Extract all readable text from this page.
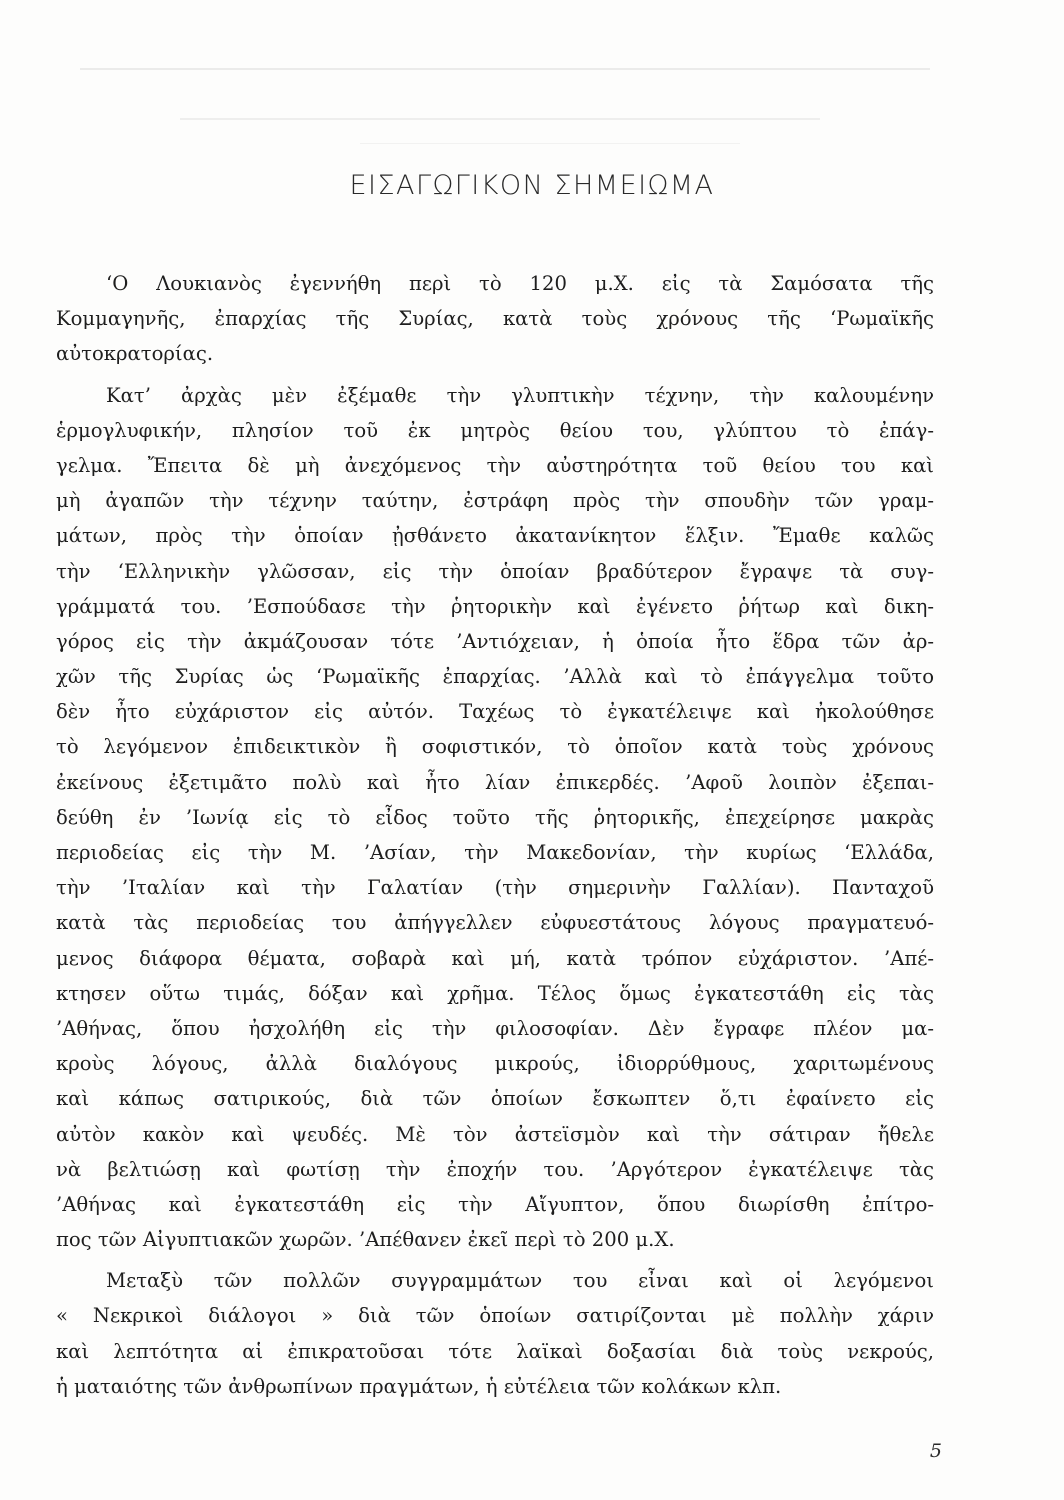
ΕΙΣΑΓΩΓΙΚΟΝ ΣΗΜΕΙΩΜΑ
‘Ο Λουκιανὸς ἐγεννήθη περὶ τὸ 120 μ.Χ. εἰς τὰ Σαμόσατα τῆς
Κομμαγηνῆς, ἐπαρχίας τῆς Συρίας, κατὰ τοὺς χρόνους τῆς ‘Ρωμαϊκῆς
αὐτοκρατορίας.
Κατ’ ἀρχὰς μὲν ἐξέμαθε τὴν γλυπτικὴν τέχνην, τὴν καλουμένην
ἑρμογλυφικήν, πλησίον τοῦ ἐκ μητρὸς θείου του, γλύπτου τὸ ἐπάγ-
γελμα. Ἔπειτα δὲ μὴ ἀνεχόμενος τὴν αὐστηρότητα τοῦ θείου του καὶ
μὴ ἀγαπῶν τὴν τέχνην ταύτην, ἐστράφη πρὸς τὴν σπουδὴν τῶν γραμ-
μάτων, πρὸς τὴν ὁποίαν ᾐσθάνετο ἀκατανίκητον ἕλξιν. Ἔμαθε καλῶς
τὴν ‘Ελληνικὴν γλῶσσαν, εἰς τὴν ὁποίαν βραδύτερον ἔγραψε τὰ συγ-
γράμματά του. ’Εσπούδασε τὴν ῥητορικὴν καὶ ἐγένετο ῥήτωρ καὶ δικη-
γόρος εἰς τὴν ἀκμάζουσαν τότε ’Αντιόχειαν, ἡ ὁποία ἦτο ἕδρα τῶν ἀρ-
χῶν τῆς Συρίας ὡς ‘Ρωμαϊκῆς ἐπαρχίας. ’Αλλὰ καὶ τὸ ἐπάγγελμα τοῦτο
δὲν ἦτο εὐχάριστον εἰς αὐτόν. Ταχέως τὸ ἐγκατέλειψε καὶ ἠκολούθησε
τὸ λεγόμενον ἐπιδεικτικὸν ἢ σοφιστικόν, τὸ ὁποῖον κατὰ τοὺς χρόνους
ἐκείνους ἐξετιμᾶτο πολὺ καὶ ἦτο λίαν ἐπικερδές. ’Αφοῦ λοιπὸν ἐξεπαι-
δεύθη ἐν ’Ιωνίᾳ εἰς τὸ εἶδος τοῦτο τῆς ῥητορικῆς, ἐπεχείρησε μακρὰς
περιοδείας εἰς τὴν Μ. ’Ασίαν, τὴν Μακεδονίαν, τὴν κυρίως ‘Ελλάδα,
τὴν ’Ιταλίαν καὶ τὴν Γαλατίαν (τὴν σημερινὴν Γαλλίαν). Πανταχοῦ
κατὰ τὰς περιοδείας του ἀπήγγελλεν εὐφυεστάτους λόγους πραγματευό-
μενος διάφορα θέματα, σοβαρὰ καὶ μή, κατὰ τρόπον εὐχάριστον. ’Απέ-
κτησεν οὕτω τιμάς, δόξαν καὶ χρῆμα. Τέλος ὅμως ἐγκατεστάθη εἰς τὰς
’Αθήνας, ὅπου ἠσχολήθη εἰς τὴν φιλοσοφίαν. Δὲν ἔγραφε πλέον μα-
κροὺς λόγους, ἀλλὰ διαλόγους μικρούς, ἰδιορρύθμους, χαριτωμένους
καὶ κάπως σατιρικούς, διὰ τῶν ὁποίων ἔσκωπτεν ὅ,τι ἐφαίνετο εἰς
αὐτὸν κακὸν καὶ ψευδές. Μὲ τὸν ἀστεϊσμὸν καὶ τὴν σάτιραν ἤθελε
νὰ βελτιώσῃ καὶ φωτίσῃ τὴν ἐποχήν του. ’Αργότερον ἐγκατέλειψε τὰς
’Αθήνας καὶ ἐγκατεστάθη εἰς τὴν Αἴγυπτον, ὅπου διωρίσθη ἐπίτρο-
πος τῶν Αἰγυπτιακῶν χωρῶν. ’Απέθανεν ἐκεῖ περὶ τὸ 200 μ.Χ.
Μεταξὺ τῶν πολλῶν συγγραμμάτων του εἶναι καὶ οἱ λεγόμενοι
« Νεκρικοὶ διάλογοι » διὰ τῶν ὁποίων σατιρίζονται μὲ πολλὴν χάριν
καὶ λεπτότητα αἱ ἐπικρατοῦσαι τότε λαϊκαὶ δοξασίαι διὰ τοὺς νεκρούς,
ἡ ματαιότης τῶν ἀνθρωπίνων πραγμάτων, ἡ εὐτέλεια τῶν κολάκων κλπ.
5
